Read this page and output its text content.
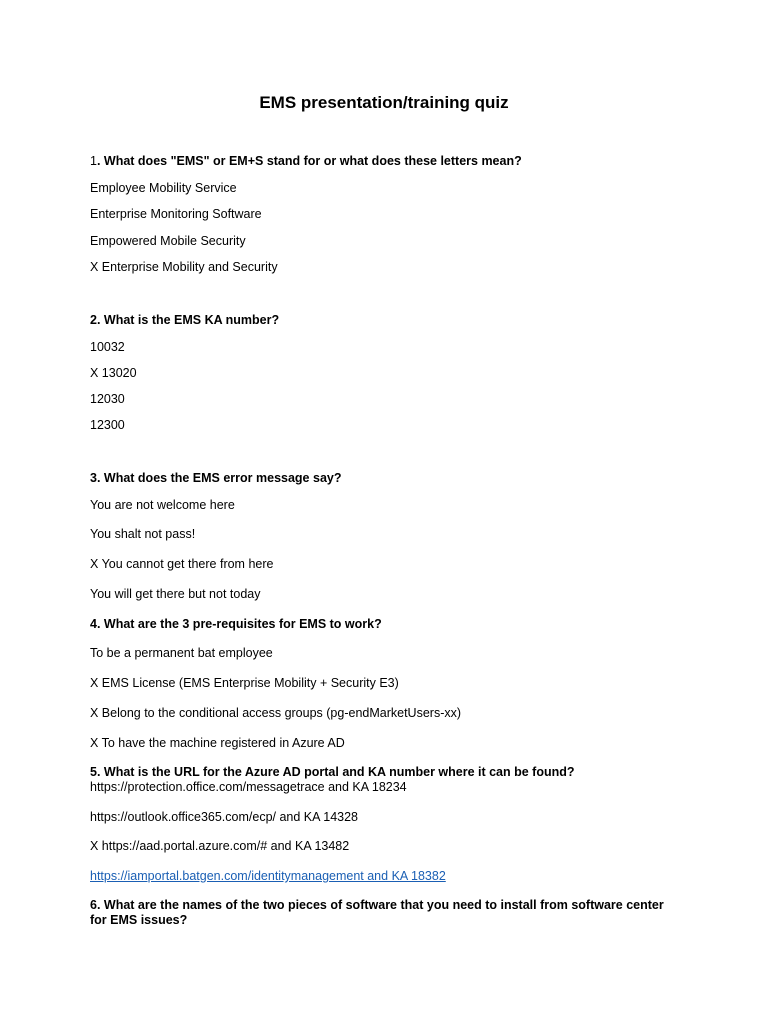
EMS presentation/training quiz
1. What does "EMS" or EM+S stand for or what does these letters mean?
Employee Mobility Service
Enterprise Monitoring Software
Empowered Mobile Security
X Enterprise Mobility and Security
2. What is the EMS KA number?
10032
X 13020
12030
12300
3. What does the EMS error message say?
You are not welcome here
You shalt not pass!
X You cannot get there from here
You will get there but not today
4. What are the 3 pre-requisites for EMS to work?
To be a permanent bat employee
X EMS License (EMS Enterprise Mobility + Security E3)
X Belong to the conditional access groups (pg-endMarketUsers-xx)
X To have the machine registered in Azure AD
5. What is the URL for the Azure AD portal and KA number where it can be found?
https://protection.office.com/messagetrace and KA 18234
https://outlook.office365.com/ecp/ and KA 14328
X https://aad.portal.azure.com/# and KA 13482
https://iamportal.batgen.com/identitymanagement and KA 18382
6. What are the names of the two pieces of software that you need to install from software center for EMS issues?
